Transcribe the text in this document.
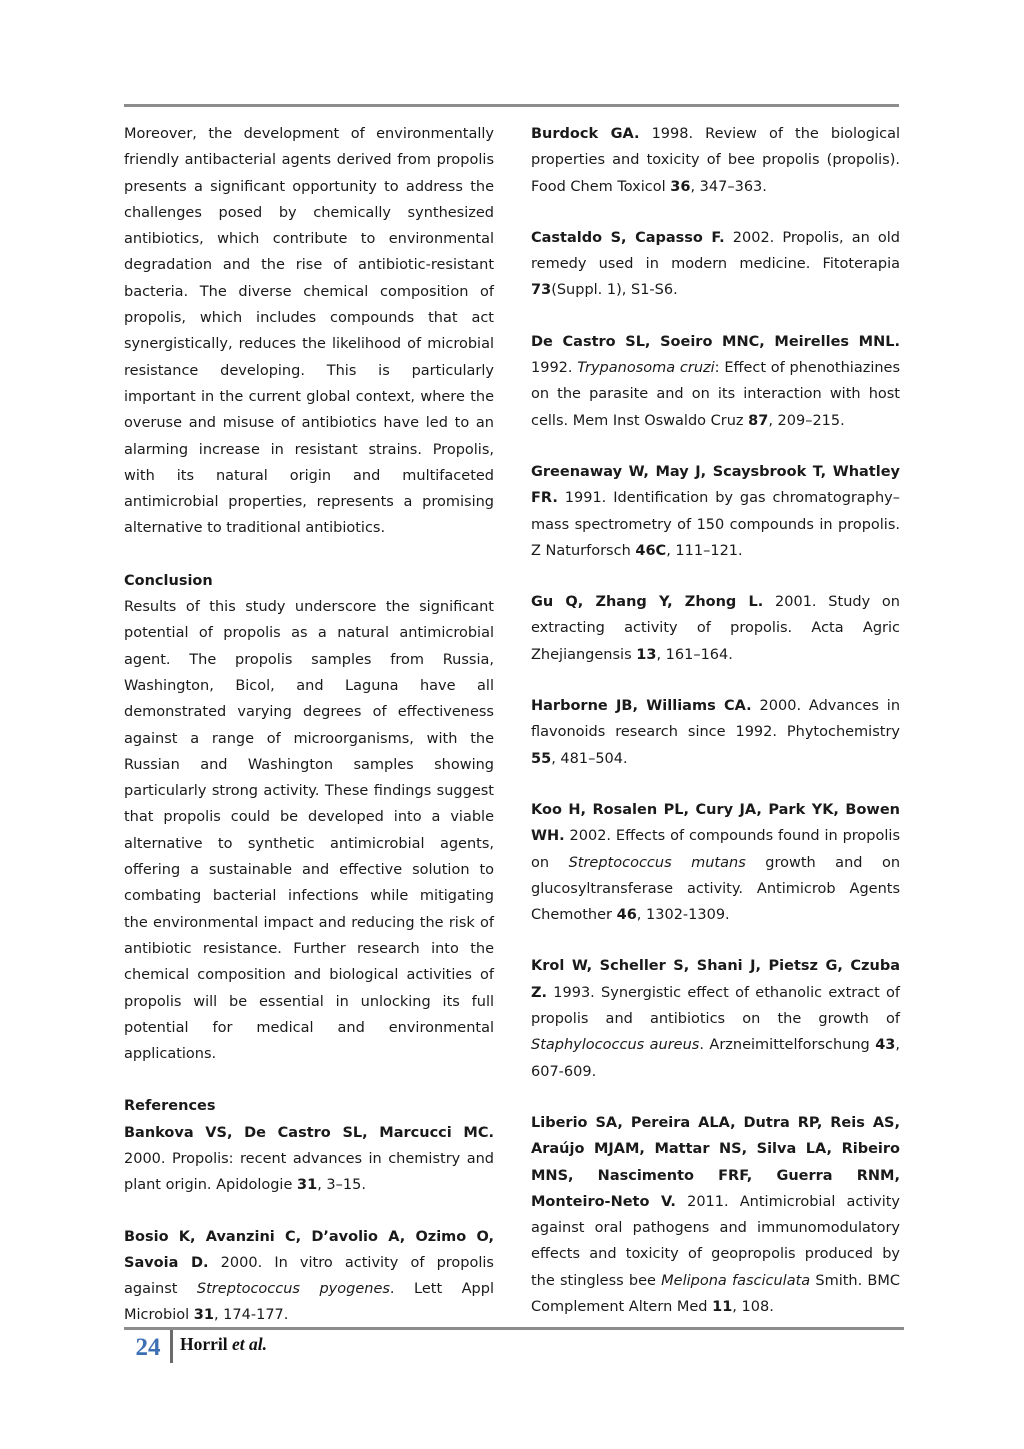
Moreover, the development of environmentally friendly antibacterial agents derived from propolis presents a significant opportunity to address the challenges posed by chemically synthesized antibiotics, which contribute to environmental degradation and the rise of antibiotic-resistant bacteria. The diverse chemical composition of propolis, which includes compounds that act synergistically, reduces the likelihood of microbial resistance developing. This is particularly important in the current global context, where the overuse and misuse of antibiotics have led to an alarming increase in resistant strains. Propolis, with its natural origin and multifaceted antimicrobial properties, represents a promising alternative to traditional antibiotics.

Conclusion

Results of this study underscore the significant potential of propolis as a natural antimicrobial agent. The propolis samples from Russia, Washington, Bicol, and Laguna have all demonstrated varying degrees of effectiveness against a range of microorganisms, with the Russian and Washington samples showing particularly strong activity. These findings suggest that propolis could be developed into a viable alternative to synthetic antimicrobial agents, offering a sustainable and effective solution to combating bacterial infections while mitigating the environmental impact and reducing the risk of antibiotic resistance. Further research into the chemical composition and biological activities of propolis will be essential in unlocking its full potential for medical and environmental applications.

References

Bankova VS, De Castro SL, Marcucci MC. 2000. Propolis: recent advances in chemistry and plant origin. Apidologie 31, 3–15.

Bosio K, Avanzini C, D’avolio A, Ozimo O, Savoia D. 2000. In vitro activity of propolis against Streptococcus pyogenes. Lett Appl Microbiol 31, 174-177.

Burdock GA. 1998. Review of the biological properties and toxicity of bee propolis (propolis). Food Chem Toxicol 36, 347–363.

Castaldo S, Capasso F. 2002. Propolis, an old remedy used in modern medicine. Fitoterapia 73(Suppl. 1), S1-S6.

De Castro SL, Soeiro MNC, Meirelles MNL. 1992. Trypanosoma cruzi: Effect of phenothiazines on the parasite and on its interaction with host cells. Mem Inst Oswaldo Cruz 87, 209–215.

Greenaway W, May J, Scaysbrook T, Whatley FR. 1991. Identification by gas chromatography–mass spectrometry of 150 compounds in propolis. Z Naturforsch 46C, 111–121.

Gu Q, Zhang Y, Zhong L. 2001. Study on extracting activity of propolis. Acta Agric Zhejiangensis 13, 161–164.

Harborne JB, Williams CA. 2000. Advances in flavonoids research since 1992. Phytochemistry 55, 481–504.

Koo H, Rosalen PL, Cury JA, Park YK, Bowen WH. 2002. Effects of compounds found in propolis on Streptococcus mutans growth and on glucosyltransferase activity. Antimicrob Agents Chemother 46, 1302-1309.

Krol W, Scheller S, Shani J, Pietsz G, Czuba Z. 1993. Synergistic effect of ethanolic extract of propolis and antibiotics on the growth of Staphylococcus aureus. Arzneimittelforschung 43, 607-609.

Liberio SA, Pereira ALA, Dutra RP, Reis AS, Araújo MJAM, Mattar NS, Silva LA, Ribeiro MNS, Nascimento FRF, Guerra RNM, Monteiro-Neto V. 2011. Antimicrobial activity against oral pathogens and immunomodulatory effects and toxicity of geopropolis produced by the stingless bee Melipona fasciculata Smith. BMC Complement Altern Med 11, 108.

24	Horril et al.
